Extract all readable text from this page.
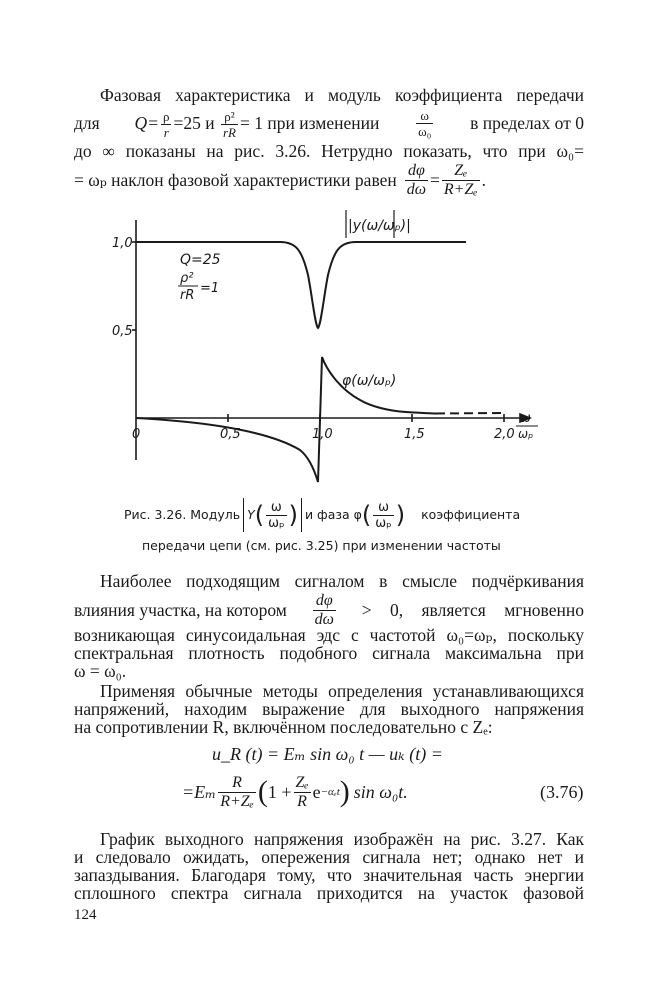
Фазовая характеристика и модуль коэффициента передачи
для $Q= \frac{\rho}{r} =25$ и $\frac{\text{ρ²}}{rR} = 1$ при изменении	$\frac{\omega}{\text{ω₀}}$ в пределах от 0
до ∞ показаны на рис. 3.26. Нетрудно показать, что при ω₀=
= ωₚ наклон фазовой характеристики равен $\frac{d\varphi}{d\omega} = \frac{\text{Zₑ}}{\text{R+Zₑ}}$ .
|y(ω/ωₚ)|
φ(ω/ωₚ)
Q=25
ρ²
rR =1
1,0
0,5
0	0,5	1,0	1,5	2,0
ω
ωₚ
Рис. 3.26. Модуль Y ( $\frac{\omega}{\text{ωₚ}}$ ) и фаза φ ( $\frac{\omega}{\text{ωₚ}}$ ) коэффициента
передачи цепи (см. рис. 3.25) при изменении частоты
Наиболее подходящим сигналом в смысле подчёркивания
влияния участка, на котором $\frac{d\varphi}{d\omega} > 0$, является мгновенно
возникающая синусоидальная эдс с частотой ω₀=ωₚ, поскольку
спектральная плотность подобного сигнала максимальна при
ω = ω₀.
Применяя обычные методы определения устанавливающихся
напряжений, находим выражение для выходного напряжения
на сопротивлении R, включённом последовательно с Zₑ:
u_R (t) = Eₘ sin ω₀ t — uₖ (t) =
$=E_m \frac{R}{\text{R+Zₑ}}$ ( $1 + \frac{\text{Zₑ}}{R}$ e −αₑt ) sin ω₀t.	(3.76)
График выходного напряжения изображён на рис. 3.27. Как
и следовало ожидать, опережения сигнала нет; однако нет и
запаздывания. Благодаря тому, что значительная часть энергии
сплошного спектра сигнала приходится на участок фазовой
124
